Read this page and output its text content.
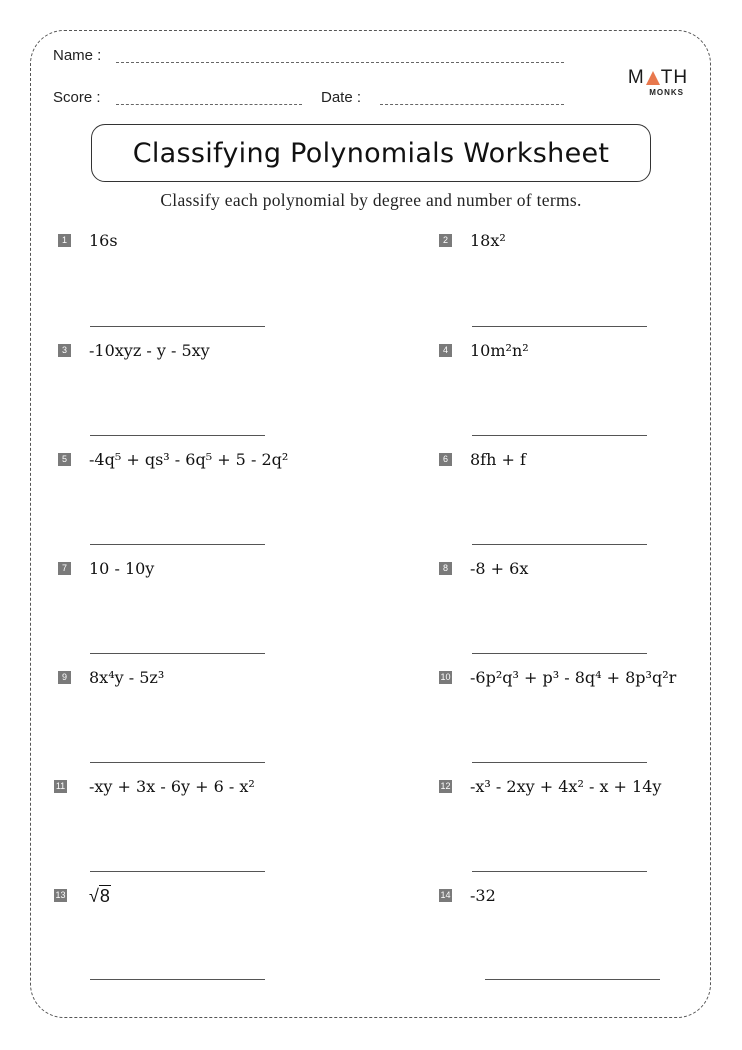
Name :
Score :	Date :
M TH
MONKS
Classifying Polynomials Worksheet
Classify each polynomial by degree and number of terms.
1 16s	2 18x²
3 -10xyz - y - 5xy	4 10m²n²
5 -4q⁵ + qs³ - 6q⁵ + 5 - 2q²	6 8fh + f
7 10 - 10y	8 -8 + 6x
9 8x⁴y - 5z³	10 -6p²q³ + p³ - 8q⁴ + 8p³q²r
11 -xy + 3x - 6y + 6 - x²	12 -x³ - 2xy + 4x² - x + 14y
13 √8	14 -32
